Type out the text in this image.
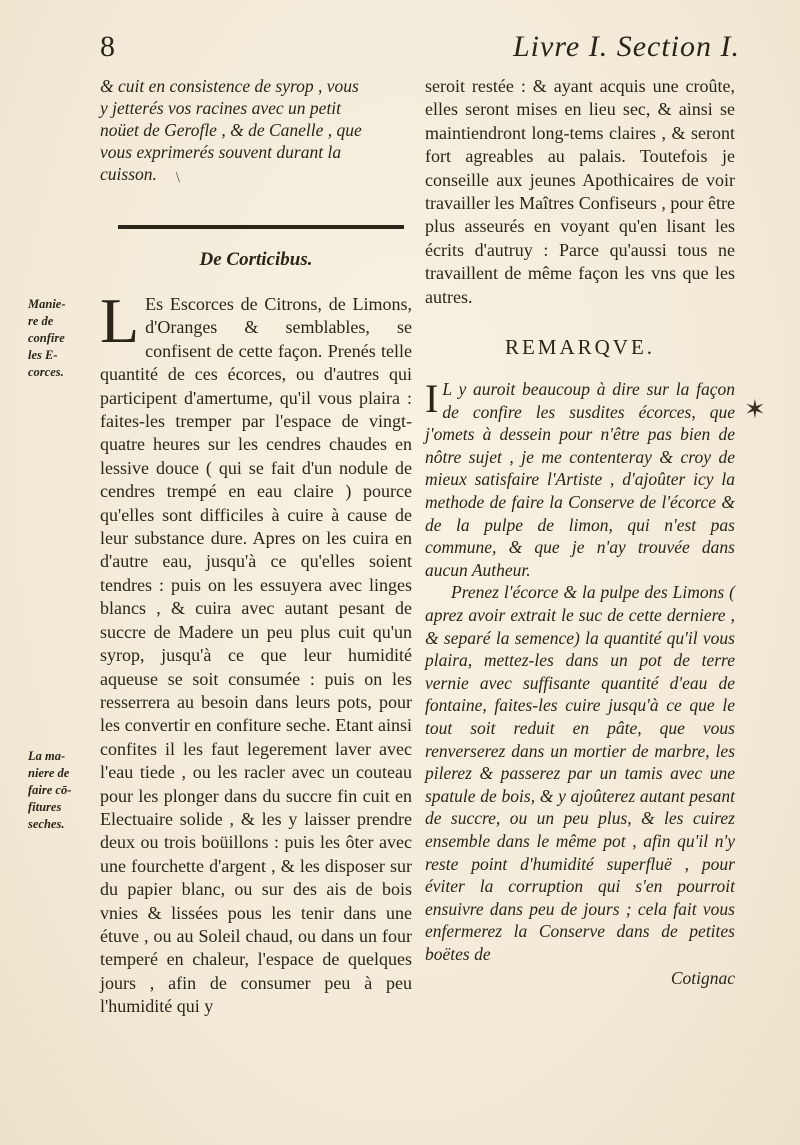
8	Livre I. Section I.

& cuit en consistence de syrop , vous

y jetterés vos racines avec un petit

noüet de Gerofle , & de Canelle , que

vous exprimerés souvent durant la

cuisson.

De Corticibus.
L Es Escorces de Citrons, de Limons, d'Oranges & semblables, se confisent de cette façon. Prenés telle quantité de ces écorces, ou d'autres qui participent d'amertume, qu'il vous plaira : faites-les tremper par l'espace de vingt-quatre heures sur les cendres chaudes en lessive douce ( qui se fait d'un nodule de cendres trempé en eau claire ) pource qu'elles sont difficiles à cuire à cause de leur substance dure. Apres on les cuira en d'autre eau, jusqu'à ce qu'elles soient tendres : puis on les essuyera avec linges blancs , & cuira avec autant pesant de succre de Madere un peu plus cuit qu'un syrop, jusqu'à ce que leur humidité aqueuse se soit consumée : puis on les resserrera au besoin dans leurs pots, pour les convertir en confiture seche. Etant ainsi confites il les faut legerement laver avec l'eau tiede , ou les racler avec un couteau pour les plonger dans du succre fin cuit en Electuaire solide , & les y laisser prendre deux ou trois boüillons : puis les ôter avec une fourchette d'argent , & les disposer sur du papier blanc, ou sur des ais de bois vnies & lissées pous les tenir dans une étuve , ou au Soleil chaud, ou dans un four temperé en chaleur, l'espace de quelques jours , afin de consumer peu à peu l'humidité qui y

seroit restée : & ayant acquis une croûte, elles seront mises en lieu sec, & ainsi se maintiendront long-tems claires , & seront fort agreables au palais. Toutefois je conseille aux jeunes Apothicaires de voir travailler les Maîtres Confiseurs , pour être plus asseurés en voyant qu'en lisant les écrits d'autruy : Parce qu'aussi tous ne travaillent de même façon les vns que les autres.

REMARQVE.

I L y auroit beaucoup à dire sur la façon de confire les susdites écorces, que j'omets à dessein pour n'être pas bien de nôtre sujet , je me contenteray & croy de mieux satisfaire l'Artiste , d'ajoûter icy la methode de faire la Conserve de l'écorce & de la pulpe de limon, qui n'est pas commune, & que je n'ay trouvée dans aucun Autheur.

Prenez l'écorce & la pulpe des Limons ( aprez avoir extrait le suc de cette derniere , & separé la semence) la quantité qu'il vous plaira, mettez-les dans un pot de terre vernie avec suffisante quantité d'eau de fontaine, faites-les cuire jusqu'à ce que le tout soit reduit en pâte, que vous renverserez dans un mortier de marbre, les pilerez & passerez par un tamis avec une spatule de bois, & y ajoûterez autant pesant de succre, ou un peu plus, & les cuirez ensemble dans le même pot , afin qu'il n'y reste point d'humidité superfluë , pour éviter la corruption qui s'en pourroit ensuivre dans peu de jours ; cela fait vous enfermerez la Conserve dans de petites boëtes de

Cotignac
Manie-
re de
confire
les E-
corces.
La ma-
niere de
faire cō-
fitures
seches.
✶
﹨
